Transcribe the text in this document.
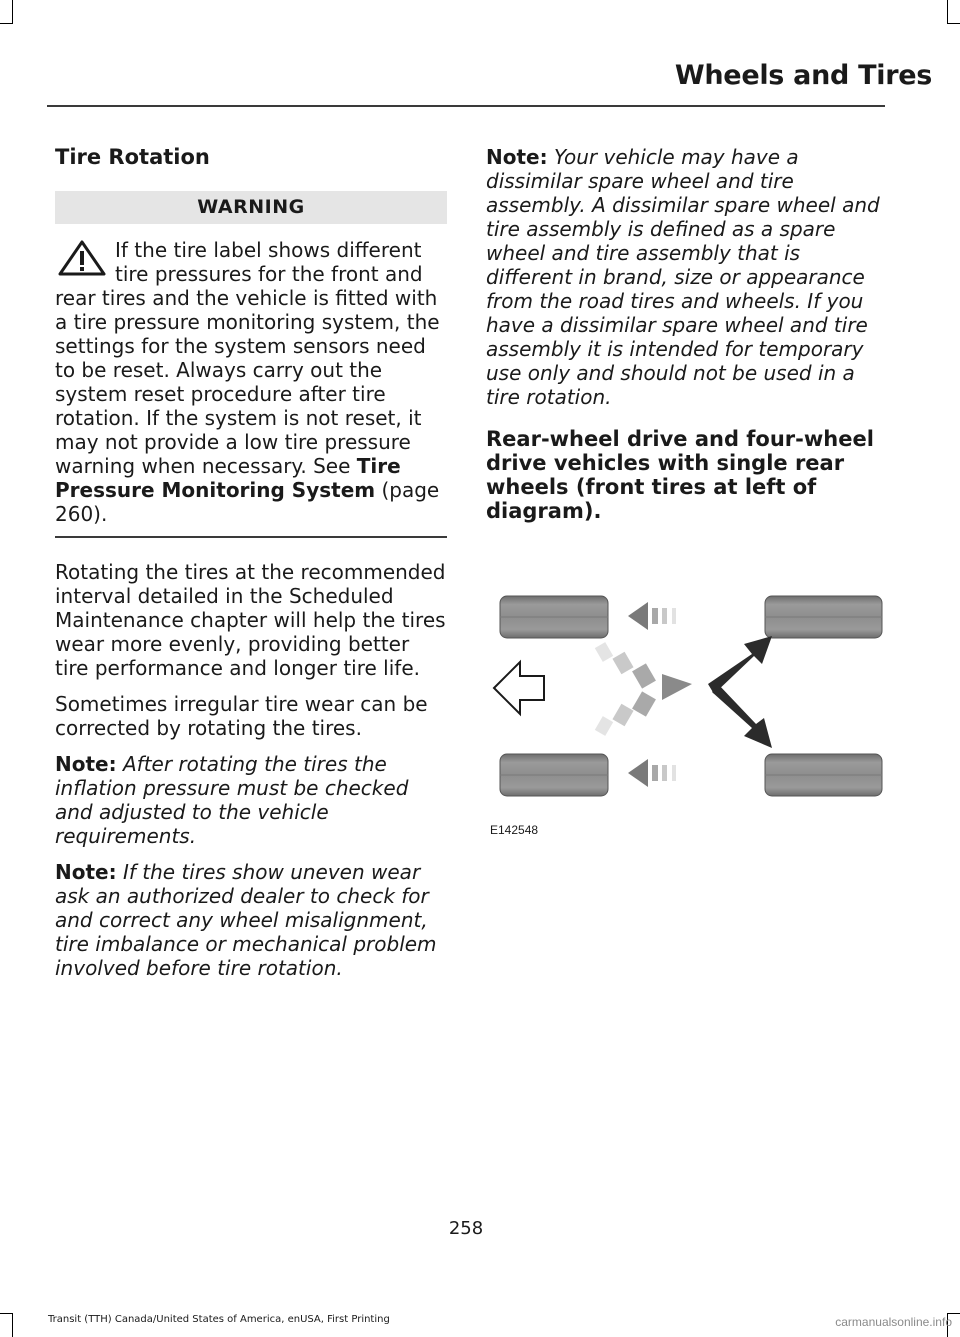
Wheels and Tires
Tire Rotation
WARNING
If the tire label shows different tire pressures for the front and rear tires and the vehicle is fitted with a tire pressure monitoring system, the settings for the system sensors need to be reset. Always carry out the system reset procedure after tire rotation. If the system is not reset, it may not provide a low tire pressure warning when necessary. See Tire Pressure Monitoring System (page 260).

Rotating the tires at the recommended interval detailed in the Scheduled Maintenance chapter will help the tires wear more evenly, providing better tire performance and longer tire life.

Sometimes irregular tire wear can be corrected by rotating the tires.

Note: After rotating the tires the inflation pressure must be checked and adjusted to the vehicle requirements.

Note: If the tires show uneven wear ask an authorized dealer to check for and correct any wheel misalignment, tire imbalance or mechanical problem involved before tire rotation.

Note: Your vehicle may have a dissimilar spare wheel and tire assembly. A dissimilar spare wheel and tire assembly is defined as a spare wheel and tire assembly that is different in brand, size or appearance from the road tires and wheels. If you have a dissimilar spare wheel and tire assembly it is intended for temporary use only and should not be used in a tire rotation.

Rear-wheel drive and four-wheel drive vehicles with single rear wheels (front tires at left of diagram).
E142548
258
Transit (TTH) Canada/United States of America, enUSA, First Printing	carmanualsonline.info
